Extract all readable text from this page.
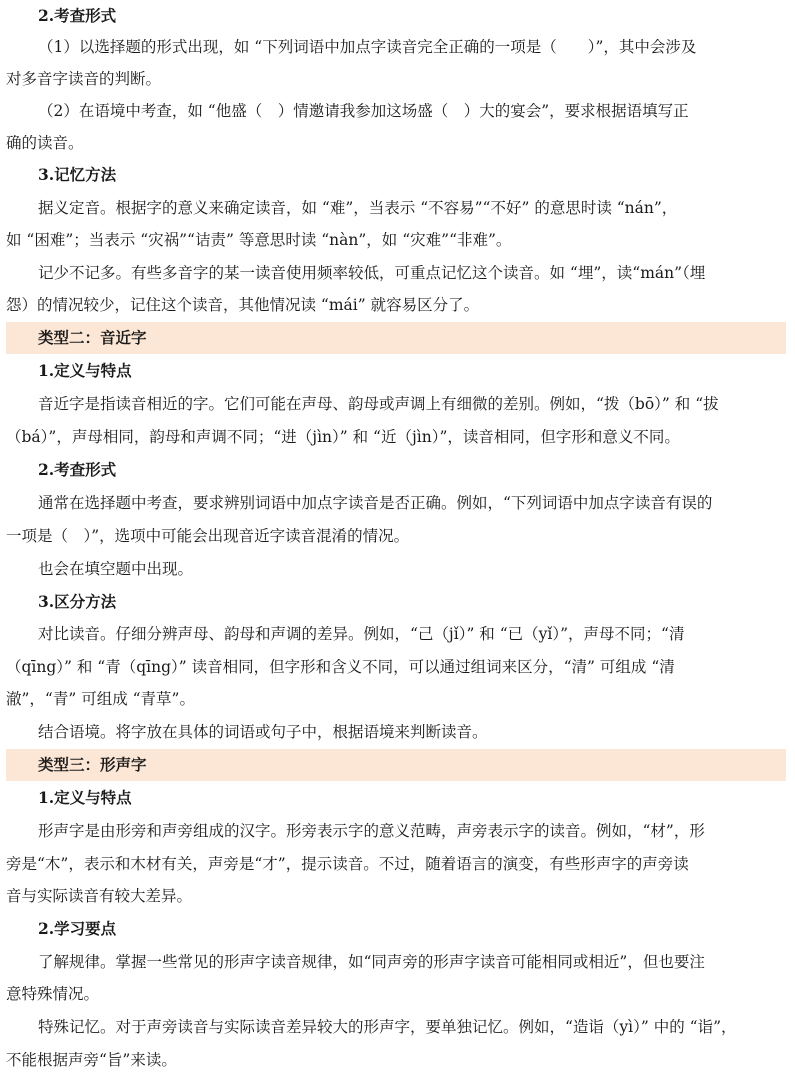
2.考查形式
（1）以选择题的形式出现，如 “下列词语中加点字读音完全正确的一项是（　　）”，其中会涉及
对多音字读音的判断。
（2）在语境中考查，如 “他盛（　）情邀请我参加这场盛（　）大的宴会”，要求根据语填写正
确的读音。
3.记忆方法
据义定音。根据字的意义来确定读音，如 “难”，当表示 “不容易”“不好” 的意思时读 “nán”，
如 “困难”；当表示 “灾祸”“诘责” 等意思时读 “nàn”，如 “灾难”“非难”。
记少不记多。有些多音字的某一读音使用频率较低，可重点记忆这个读音。如 “埋”，读“mán”（埋
怨）的情况较少，记住这个读音，其他情况读 “mái” 就容易区分了。
类型二：音近字
1.定义与特点
音近字是指读音相近的字。它们可能在声母、韵母或声调上有细微的差别。例如，“拨（bō）” 和 “拔
（bá）”，声母相同，韵母和声调不同；“进（jìn）” 和 “近（jìn）”，读音相同，但字形和意义不同。
2.考查形式
通常在选择题中考查，要求辨别词语中加点字读音是否正确。例如，“下列词语中加点字读音有误的
一项是（　）”，选项中可能会出现音近字读音混淆的情况。
也会在填空题中出现。
3.区分方法
对比读音。仔细分辨声母、韵母和声调的差异。例如，“己（jǐ）” 和 “已（yǐ）”，声母不同；“清
（qīng）” 和 “青（qīng）” 读音相同，但字形和含义不同，可以通过组词来区分，“清” 可组成 “清
澈”，“青” 可组成 “青草”。
结合语境。将字放在具体的词语或句子中，根据语境来判断读音。
类型三：形声字
1.定义与特点
形声字是由形旁和声旁组成的汉字。形旁表示字的意义范畴，声旁表示字的读音。例如，“材”，形
旁是“木”，表示和木材有关，声旁是“才”，提示读音。不过，随着语言的演变，有些形声字的声旁读
音与实际读音有较大差异。
2.学习要点
了解规律。掌握一些常见的形声字读音规律，如“同声旁的形声字读音可能相同或相近”，但也要注
意特殊情况。
特殊记忆。对于声旁读音与实际读音差异较大的形声字，要单独记忆。例如，“造诣（yì）” 中的 “诣”，
不能根据声旁“旨”来读。
